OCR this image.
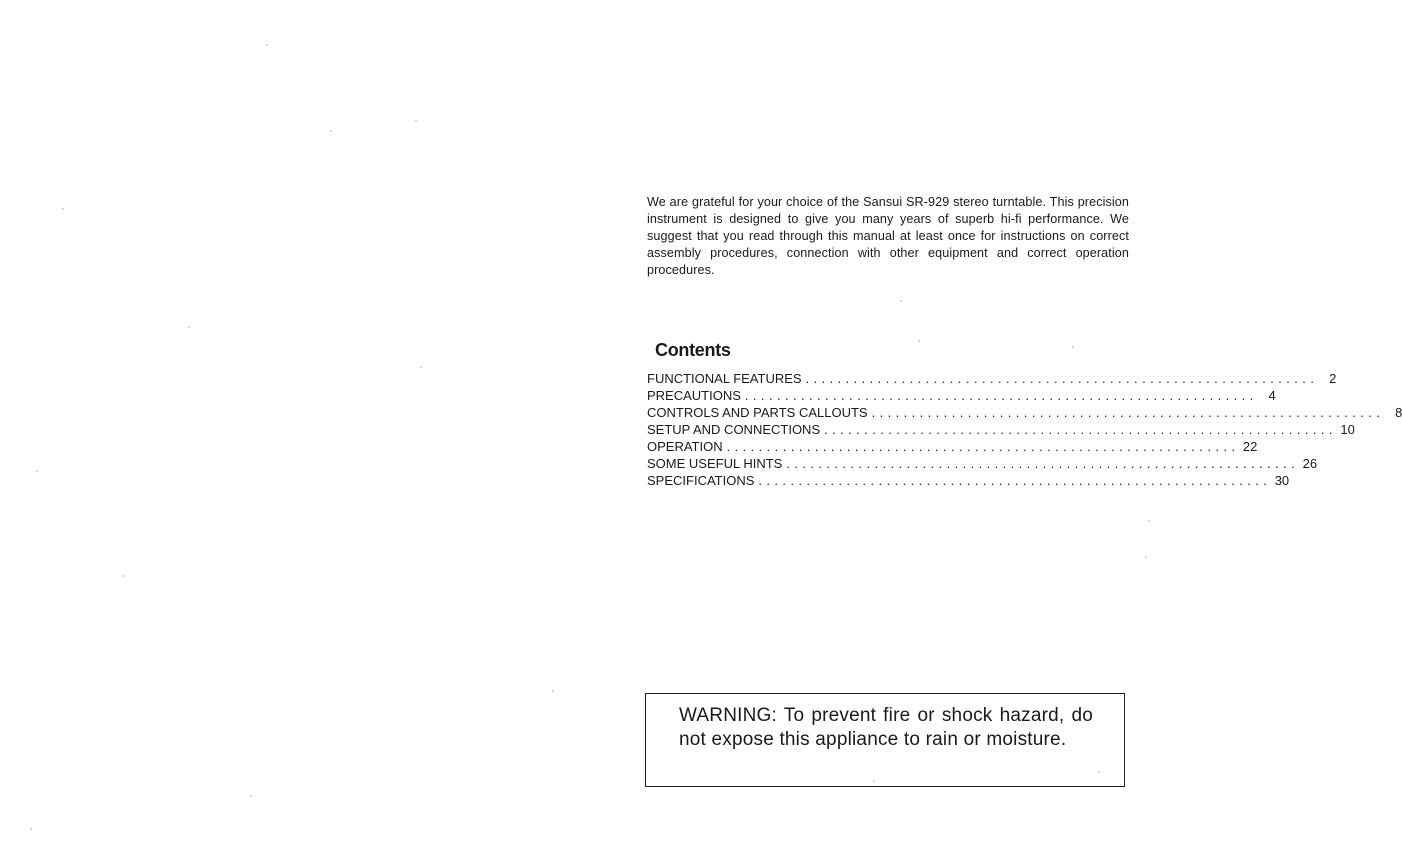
We are grateful for your choice of the Sansui SR-929 stereo turntable. This precision instrument is designed to give you many years of superb hi-fi performance. We suggest that you read through this manual at least once for instructions on correct assembly procedures, connection with other equipment and correct operation procedures.
Contents
FUNCTIONAL FEATURES ................................................................ 2
PRECAUTIONS ................................................................ 4
CONTROLS AND PARTS CALLOUTS ................................................................ 8
SETUP AND CONNECTIONS ................................................................ 10
OPERATION ................................................................ 22
SOME USEFUL HINTS ................................................................ 26
SPECIFICATIONS ................................................................ 30
WARNING: To prevent fire or shock hazard, do not expose this appliance to rain or moisture.
